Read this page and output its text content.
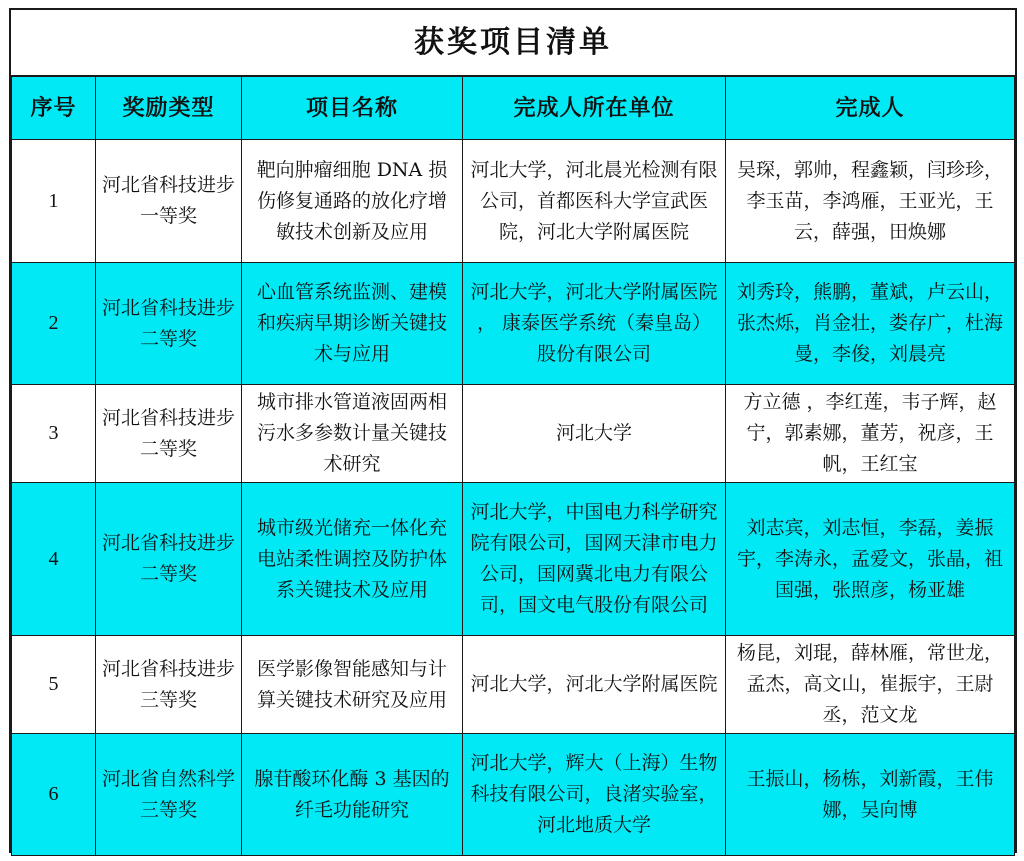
获奖项目清单
序号	奖励类型	项目名称	完成人所在单位	完成人
1	河北省科技进步一等奖	靶向肿瘤细胞 DNA 损伤修复通路的放化疗增敏技术创新及应用	河北大学，河北晨光检测有限公司，首都医科大学宣武医院，河北大学附属医院	吴琛，郭帅，程鑫颖，闫珍珍，李玉苗，李鸿雁，王亚光，王云，薛强，田焕娜
2	河北省科技进步二等奖	心血管系统监测、建模和疾病早期诊断关键技术与应用	河北大学，河北大学附属医院 ， 康泰医学系统（秦皇岛）股份有限公司	刘秀玲，熊鹏，董斌，卢云山，张杰烁，肖金壮，娄存广，杜海曼，李俊，刘晨亮
3	河北省科技进步二等奖	城市排水管道液固两相污水多参数计量关键技术研究	河北大学	方立德 ，李红莲，韦子辉，赵宁，郭素娜，董芳，祝彦，王帆，王红宝
4	河北省科技进步二等奖	城市级光储充一体化充电站柔性调控及防护体系关键技术及应用	河北大学，中国电力科学研究院有限公司，国网天津市电力公司，国网冀北电力有限公司，国文电气股份有限公司	刘志宾，刘志恒，李磊，姜振宇，李涛永，孟爱文，张晶，祖国强，张照彦，杨亚雄
5	河北省科技进步三等奖	医学影像智能感知与计算关键技术研究及应用	河北大学，河北大学附属医院	杨昆，刘琨，薛林雁，常世龙，孟杰，高文山，崔振宇，王尉丞，范文龙
6	河北省自然科学三等奖	腺苷酸环化酶 3 基因的纤毛功能研究	河北大学，辉大（上海）生物科技有限公司，良渚实验室，河北地质大学	王振山，杨栋，刘新霞，王伟娜，吴向博
